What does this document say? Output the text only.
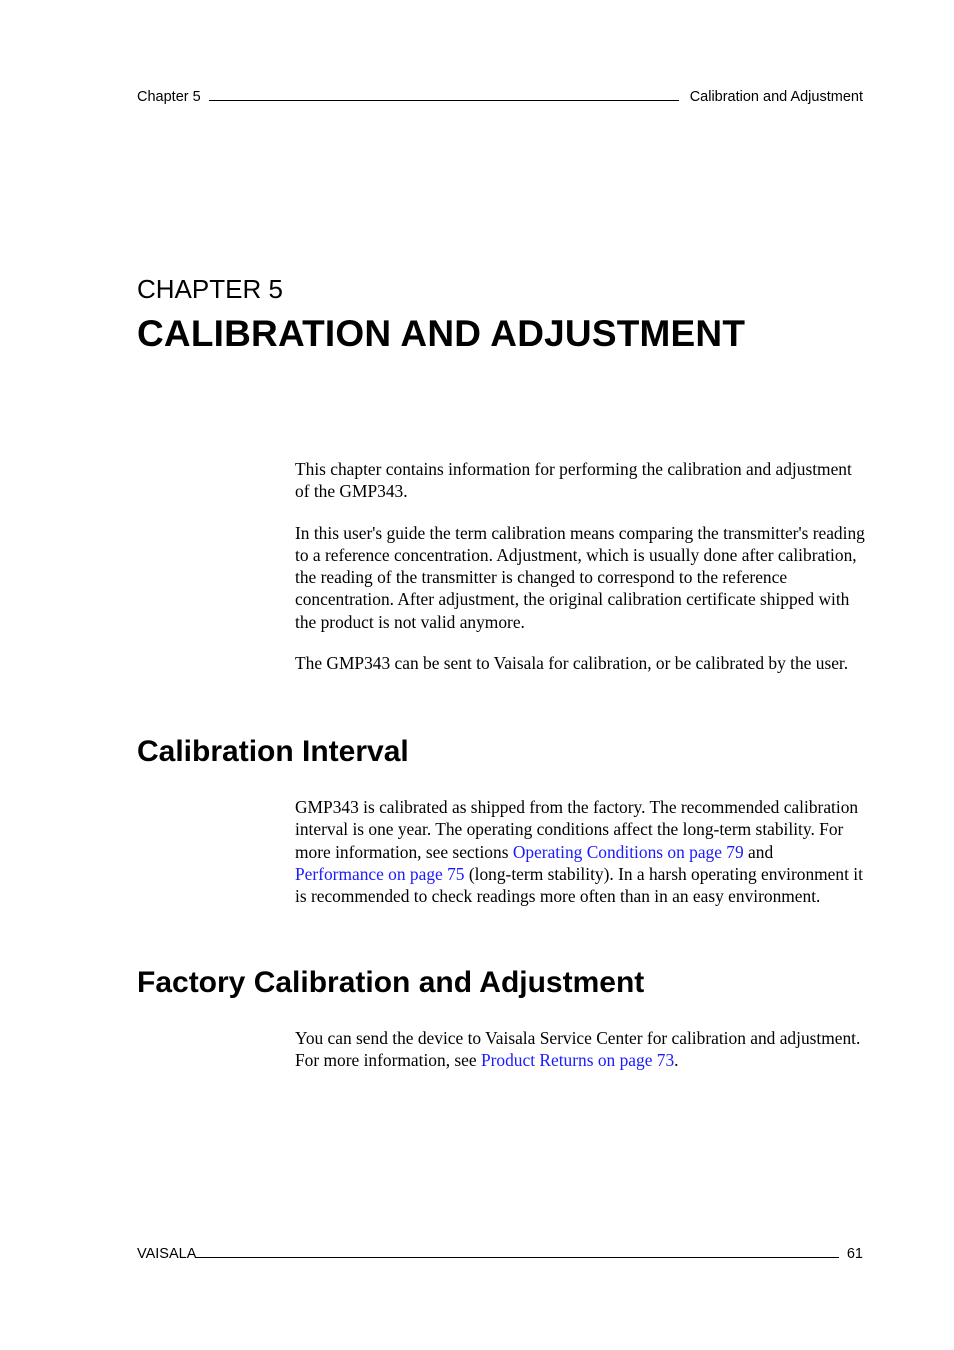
Chapter 5	Calibration and Adjustment
CHAPTER 5
CALIBRATION AND ADJUSTMENT

This chapter contains information for performing the calibration and adjustment of the GMP343.

In this user's guide the term calibration means comparing the transmitter's reading to a reference concentration. Adjustment, which is usually done after calibration, the reading of the transmitter is changed to correspond to the reference concentration. After adjustment, the original calibration certificate shipped with the product is not valid anymore.

The GMP343 can be sent to Vaisala for calibration, or be calibrated by the user.

Calibration Interval

GMP343 is calibrated as shipped from the factory. The recommended calibration interval is one year. The operating conditions affect the long-term stability. For more information, see sections Operating Conditions on page 79 and Performance on page 75 (long-term stability). In a harsh operating environment it is recommended to check readings more often than in an easy environment.

Factory Calibration and Adjustment

You can send the device to Vaisala Service Center for calibration and adjustment. For more information, see Product Returns on page 73.

VAISALA	61
